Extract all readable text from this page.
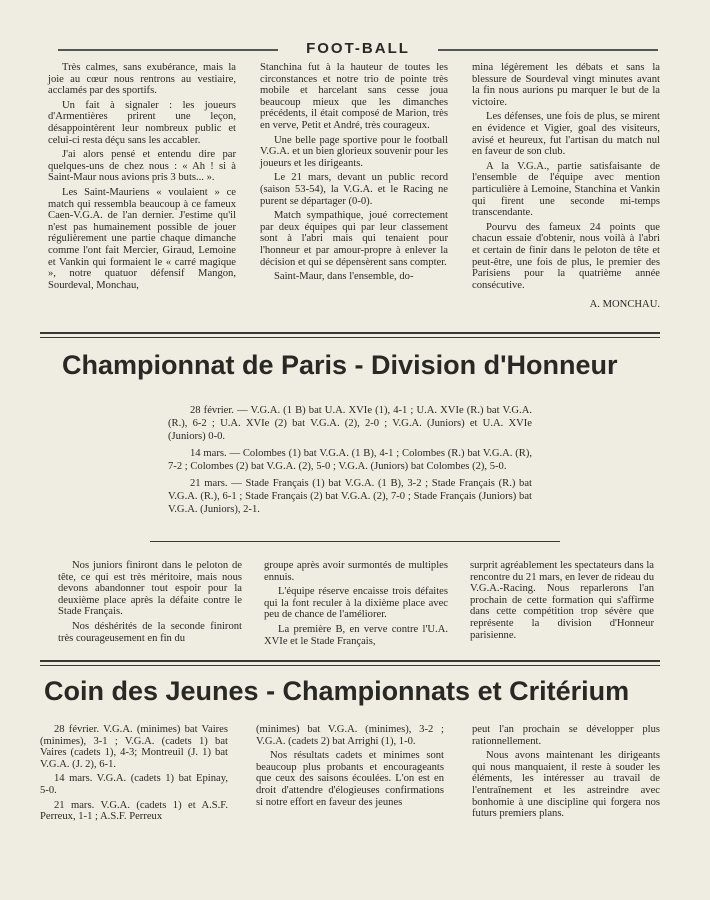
FOOT-BALL

Très calmes, sans exubérance, mais la joie au cœur nous rentrons au vestiaire, acclamés par des sportifs.

Un fait à signaler : les joueurs d'Armentières prirent une leçon, désappointèrent leur nombreux public et celui-ci resta déçu sans les accabler.

J'ai alors pensé et entendu dire par quelques-uns de chez nous : « Ah ! si à Saint-Maur nous avions pris 3 buts... ».

Les Saint-Mauriens « voulaient » ce match qui ressembla beaucoup à ce fameux Caen-V.G.A. de l'an dernier. J'estime qu'il n'est pas humainement possible de jouer régulièrement une partie chaque dimanche comme l'ont fait Mercier, Giraud, Lemoine et Vankin qui formaient le « carré magique », notre quatuor défensif Mangon, Sourdeval, Monchau,

Stanchina fut à la hauteur de toutes les circonstances et notre trio de pointe très mobile et harcelant sans cesse joua beaucoup mieux que les dimanches précédents, il était composé de Marion, très en verve, Petit et André, très courageux.

Une belle page sportive pour le football V.G.A. et un bien glorieux souvenir pour les joueurs et les dirigeants.

Le 21 mars, devant un public record (saison 53-54), la V.G.A. et le Racing ne purent se départager (0-0).

Match sympathique, joué correctement par deux équipes qui par leur classement sont à l'abri mais qui tenaient pour l'honneur et par amour-propre à enlever la décision et qui se dépensèrent sans compter.

Saint-Maur, dans l'ensemble, do-

mina légèrement les débats et sans la blessure de Sourdeval vingt minutes avant la fin nous aurions pu marquer le but de la victoire.

Les défenses, une fois de plus, se mirent en évidence et Vigier, goal des visiteurs, avisé et heureux, fut l'artisan du match nul en faveur de son club.

A la V.G.A., partie satisfaisante de l'ensemble de l'équipe avec mention particulière à Lemoine, Stanchina et Vankin qui firent une seconde mi-temps transcendante.

Pourvu des fameux 24 points que chacun essaie d'obtenir, nous voilà à l'abri et certain de finir dans le peloton de tête et peut-être, une fois de plus, le premier des Parisiens pour la quatrième année consécutive.

A. MONCHAU.

Championnat de Paris - Division d'Honneur

28 février. — V.G.A. (1 B) bat U.A. XVIe (1), 4-1 ; U.A. XVIe (R.) bat V.G.A. (R.), 6-2 ; U.A. XVIe (2) bat V.G.A. (2), 2-0 ; V.G.A. (Juniors) et U.A. XVIe (Juniors) 0-0.

14 mars. — Colombes (1) bat V.G.A. (1 B), 4-1 ; Colombes (R.) bat V.G.A. (R), 7-2 ; Colombes (2) bat V.G.A. (2), 5-0 ; V.G.A. (Juniors) bat Colombes (2), 5-0.

21 mars. — Stade Français (1) bat V.G.A. (1 B), 3-2 ; Stade Français (R.) bat V.G.A. (R.), 6-1 ; Stade Français (2) bat V.G.A. (2), 7-0 ; Stade Français (Juniors) bat V.G.A. (Juniors), 2-1.

Nos juniors finiront dans le peloton de tête, ce qui est très méritoire, mais nous devons abandonner tout espoir pour la deuxième place après la défaite contre le Stade Français.

Nos déshérités de la seconde finiront très courageusement en fin du

groupe après avoir surmontés de multiples ennuis.

L'équipe réserve encaisse trois défaites qui la font reculer à la dixième place avec peu de chance de l'améliorer.

La première B, en verve contre l'U.A. XVIe et le Stade Français,

surprit agréablement les spectateurs dans la rencontre du 21 mars, en lever de rideau du V.G.A.-Racing. Nous reparlerons l'an prochain de cette formation qui s'affirme dans cette compétition trop sévère que représente la division d'Honneur parisienne.

Coin des Jeunes - Championnats et Critérium

28 février. V.G.A. (minimes) bat Vaires (minimes), 3-1 ; V.G.A. (cadets 1) bat Vaires (cadets 1), 4-3; Montreuil (J. 1) bat V.G.A. (J. 2), 6-1.

14 mars. V.G.A. (cadets 1) bat Epinay, 5-0.

21 mars. V.G.A. (cadets 1) et A.S.F. Perreux, 1-1 ; A.S.F. Perreux

(minimes) bat V.G.A. (minimes), 3-2 ; V.G.A. (cadets 2) bat Arrighi (1), 1-0.

Nos résultats cadets et minimes sont beaucoup plus probants et encourageants que ceux des saisons écoulées. L'on est en droit d'attendre d'élogieuses confirmations si notre effort en faveur des jeunes

peut l'an prochain se développer plus rationnellement.

Nous avons maintenant les dirigeants qui nous manquaient, il reste à souder les éléments, les intéresser au travail de l'entraînement et les astreindre avec bonhomie à une discipline qui forgera nos futurs premiers plans.
